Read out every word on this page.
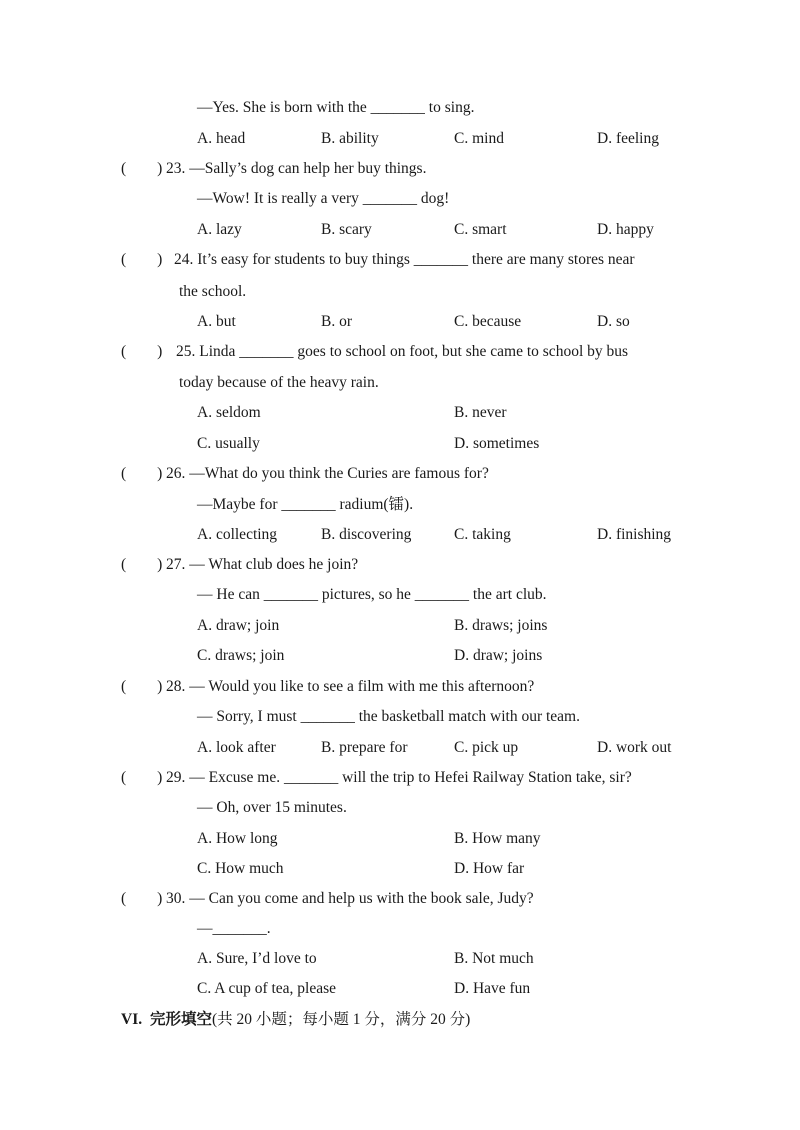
—Yes. She is born with the _______ to sing.
A. head	B. ability	C. mind	D. feeling
(        ) 23. —Sally’s dog can help her buy things.
—Wow! It is really a very _______ dog!
A. lazy	B. scary	C. smart	D. happy
(        ) 24. It’s easy for students to buy things _______ there are many stores near
the school.
A. but	B. or	C. because	D. so
(        ) 25. Linda _______ goes to school on foot, but she came to school by bus
today because of the heavy rain.
A. seldom	B. never
C. usually	D. sometimes
(        ) 26. —What do you think the Curies are famous for?
—Maybe for _______ radium(镭).
A. collecting	B. discovering	C. taking	D. finishing
(        ) 27. — What club does he join?
— He can _______ pictures, so he _______ the art club.
A. draw; join	B. draws; joins
C. draws; join	D. draw; joins
(        ) 28. — Would you like to see a film with me this afternoon?
— Sorry, I must _______ the basketball match with our team.
A. look after	B. prepare for	C. pick up	D. work out
(        ) 29. — Excuse me. _______ will the trip to Hefei Railway Station take, sir?
— Oh, over 15 minutes.
A. How long	B. How many
C. How much	D. How far
(        ) 30. — Can you come and help us with the book sale, Judy?
—_______.
A. Sure, I’d love to	B. Not much
C. A cup of tea, please	D. Have fun
VI. 完形填空(共 20 小题；每小题 1 分，满分 20 分)
